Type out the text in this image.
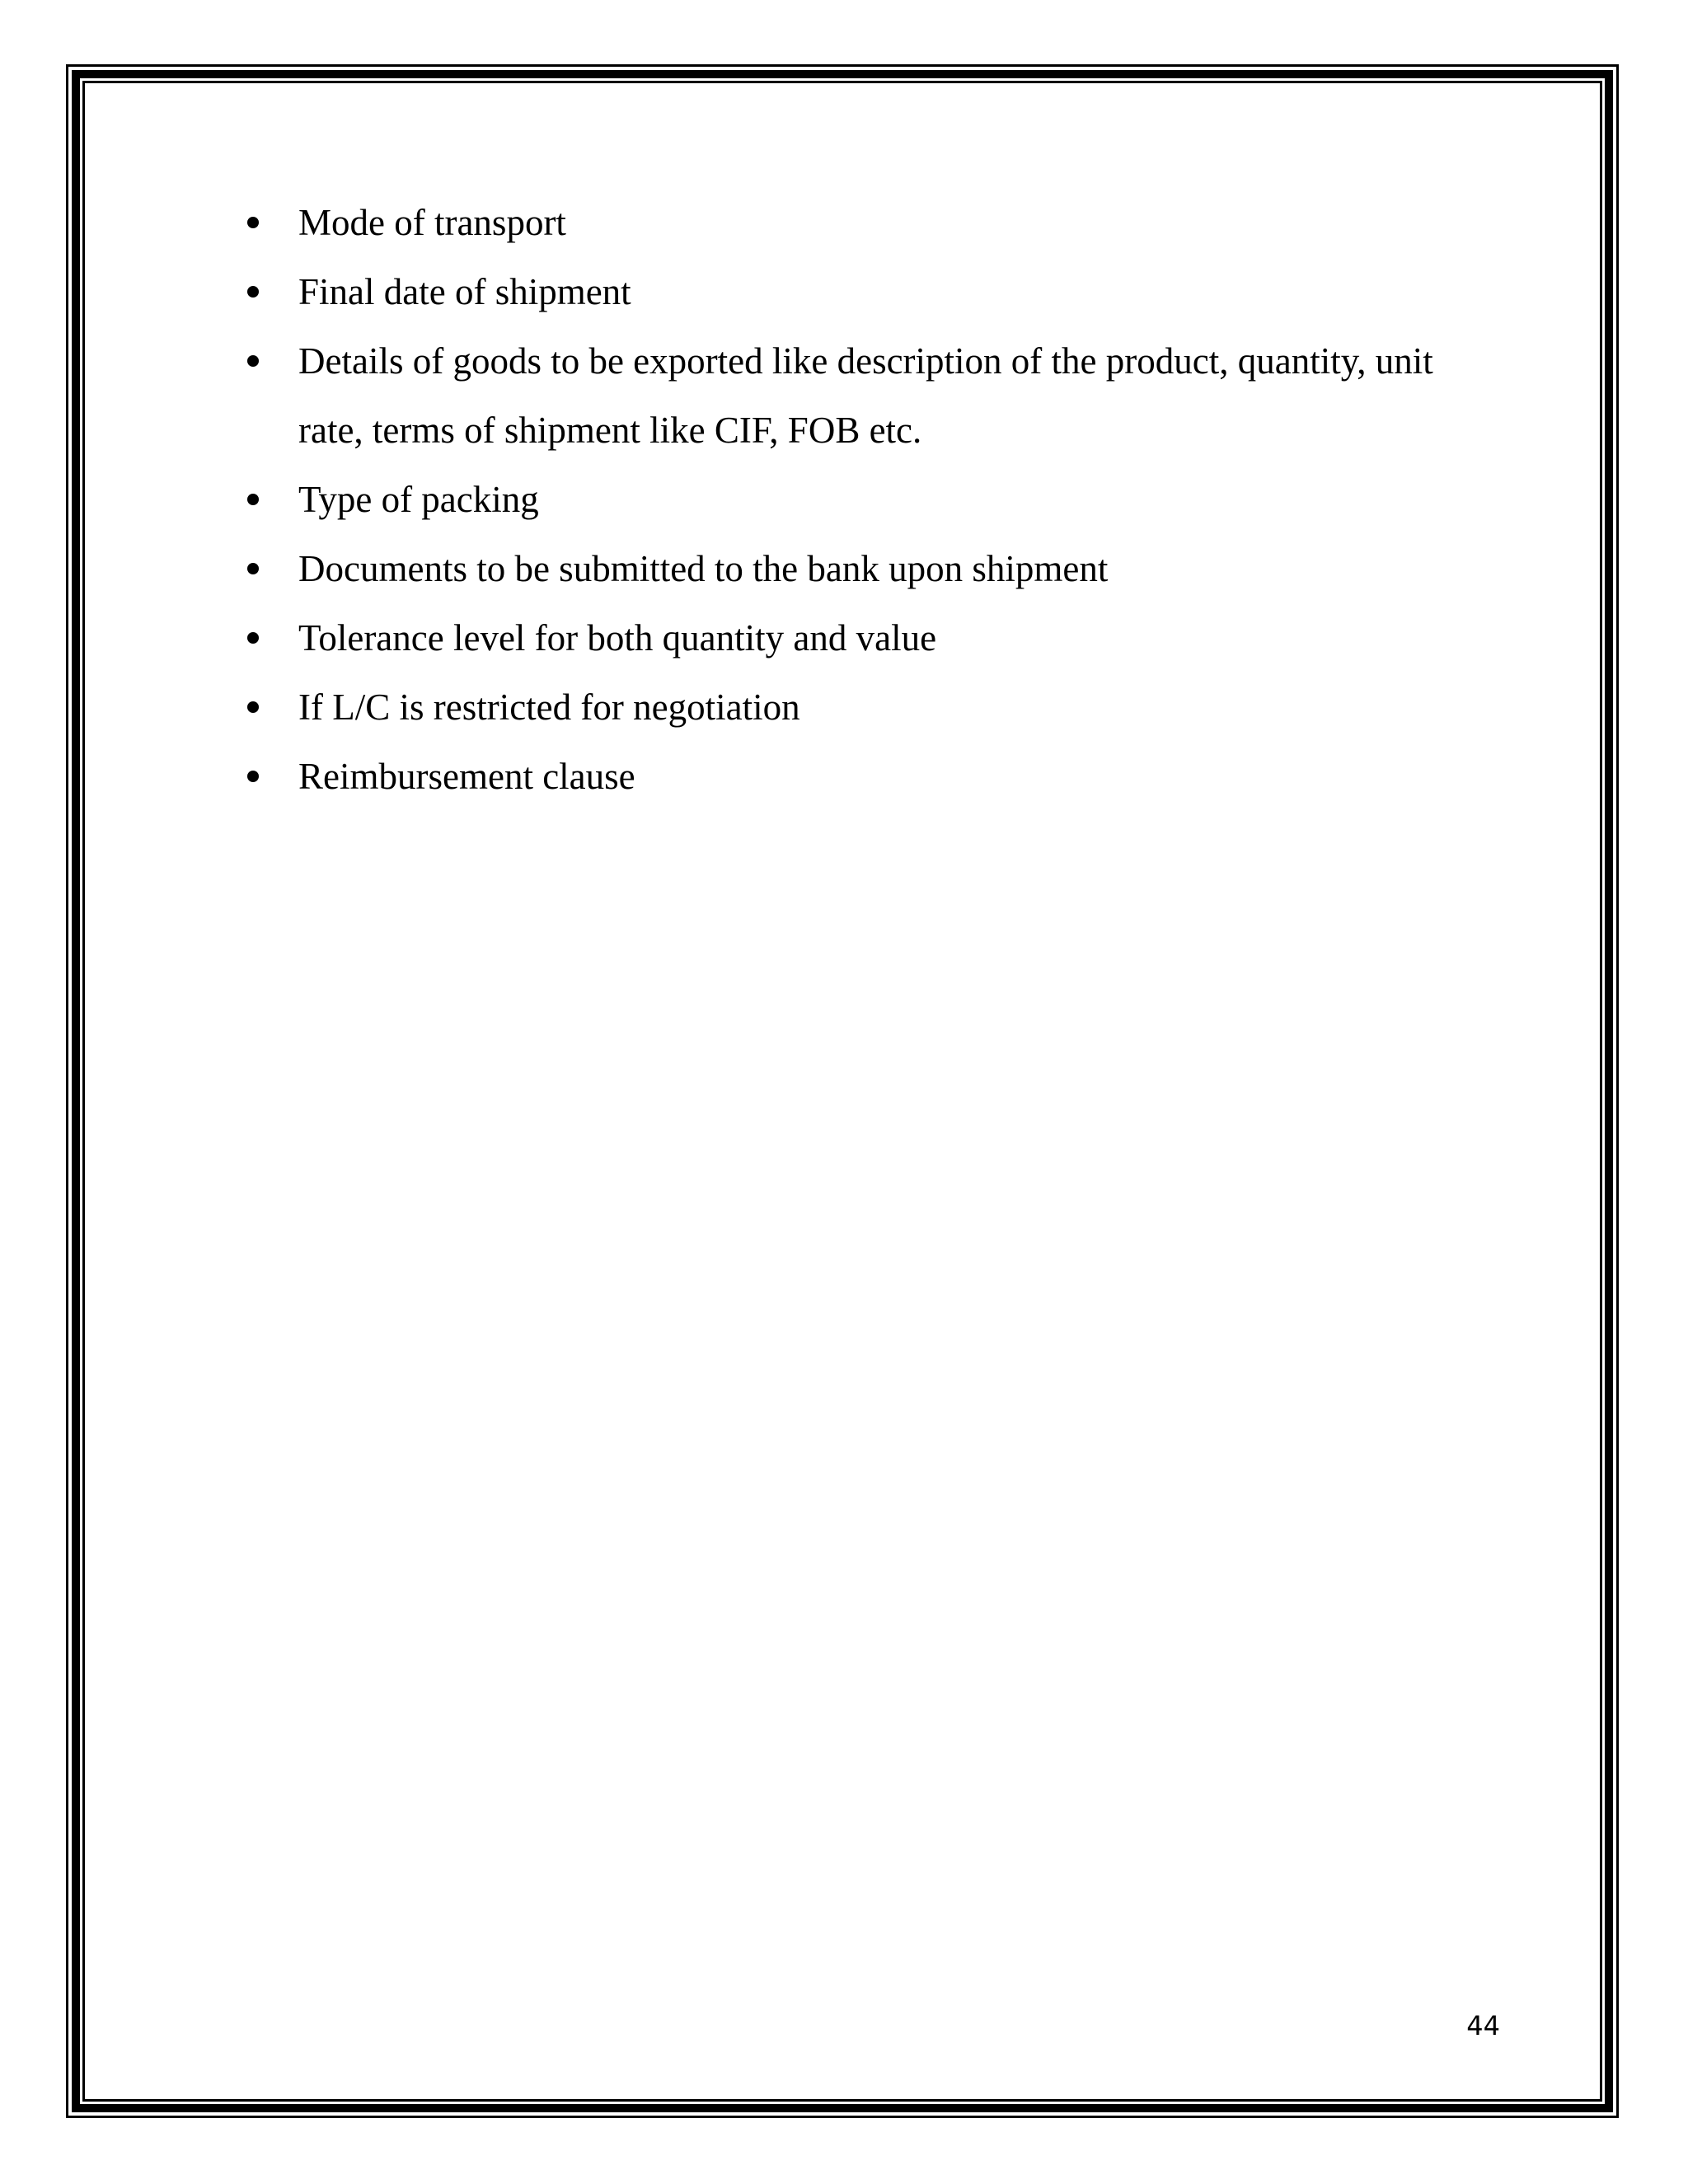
Mode of transport
Final date of shipment
Details of goods to be exported like description of the product, quantity, unit rate, terms of shipment like CIF, FOB etc.
Type of packing
Documents to be submitted to the bank upon shipment
Tolerance level for both quantity and value
If L/C is restricted for negotiation
Reimbursement clause
44
